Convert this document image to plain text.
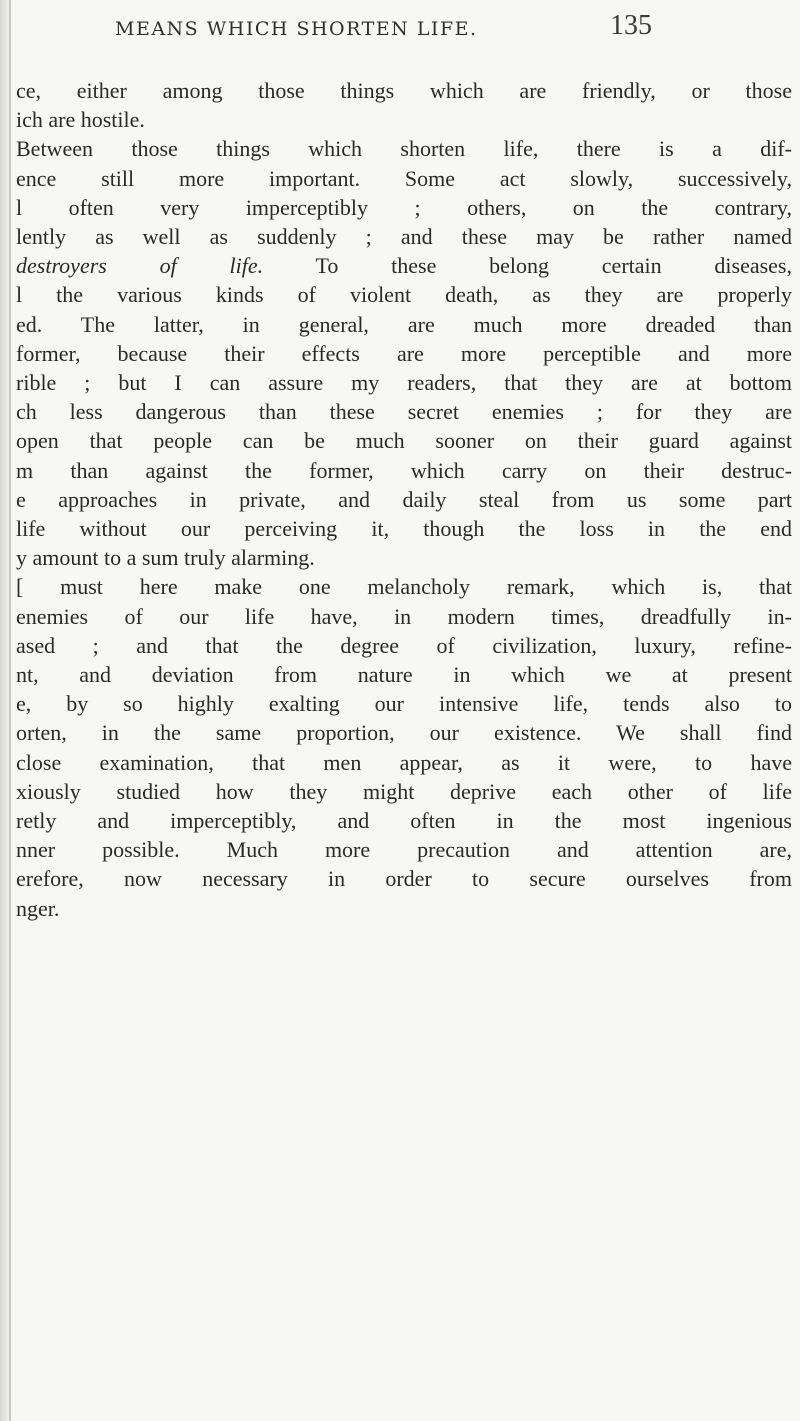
MEANS WHICH SHORTEN LIFE.	135
ce, either among those things which are friendly, or those
ich are hostile.
Between those things which shorten life, there is a dif-
ence still more important. Some act slowly, successively,
l often very imperceptibly ; others, on the contrary,
lently as well as suddenly ; and these may be rather named
destroyers of life. To these belong certain diseases,
l the various kinds of violent death, as they are properly
ed. The latter, in general, are much more dreaded than
former, because their effects are more perceptible and more
rible ; but I can assure my readers, that they are at bottom
ch less dangerous than these secret enemies ; for they are
open that people can be much sooner on their guard against
m than against the former, which carry on their destruc-
e approaches in private, and daily steal from us some part
life without our perceiving it, though the loss in the end
y amount to a sum truly alarming.
[ must here make one melancholy remark, which is, that
enemies of our life have, in modern times, dreadfully in-
ased ; and that the degree of civilization, luxury, refine-
nt, and deviation from nature in which we at present
e, by so highly exalting our intensive life, tends also to
orten, in the same proportion, our existence. We shall find
close examination, that men appear, as it were, to have
xiously studied how they might deprive each other of life
retly and imperceptibly, and often in the most ingenious
nner possible. Much more precaution and attention are,
erefore, now necessary in order to secure ourselves from
nger.
